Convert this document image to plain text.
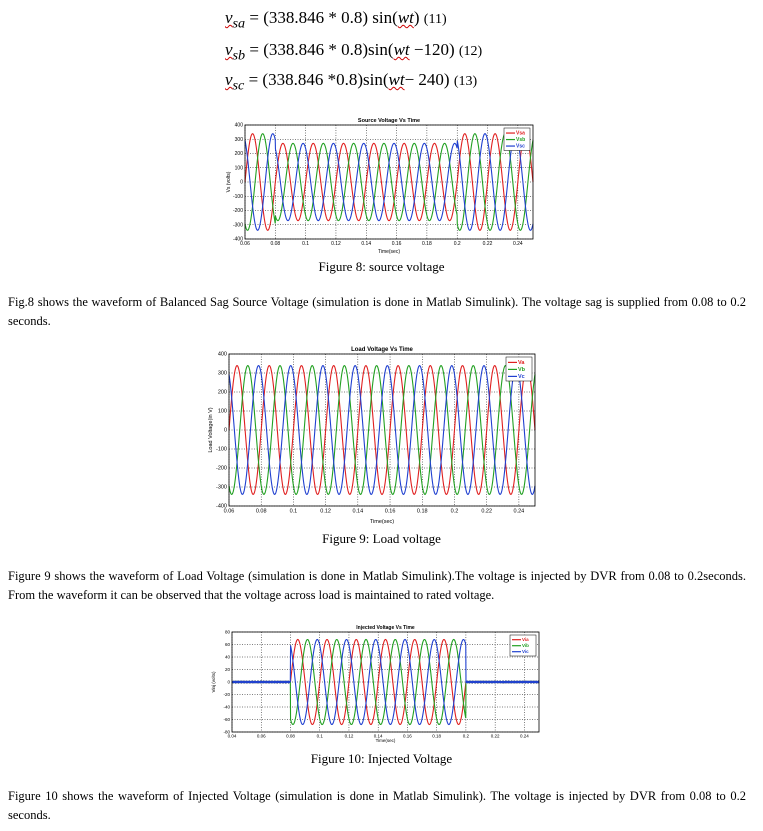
$v_{sa} = (338.846 * 0.8)$ sin(wt) (11)
$v_{sb} = (338.846 * 0.8)\sin(wt -120)$ (12)
$v_{sc} = (338.846$ *0.8)sin(wt− 240) (13)
Source Voltage Vs Time
400
300
200
100
0
-100
-200
-300
-400
0.06	0.08	0.1	0.12	0.14	0.16	0.18	0.2	0.22	0.24
Vsa
Vsb
Vsc
Time(sec)
Vs (volts)
Figure 8: source voltage
Fig.8 shows the waveform of Balanced Sag Source Voltage (simulation is done in Matlab Simulink). The voltage sag is supplied from 0.08 to 0.2 seconds.
Load Voltage Vs Time
400
300
200
100
0
-100
-200
-300
-400
0.06	0.08	0.1	0.12	0.14	0.16	0.18	0.2	0.22	0.24
Va
Vb
Vc
Time(sec)
Load Voltage(in V)
Figure 9: Load voltage
Figure 9 shows the waveform of Load Voltage (simulation is done in Matlab Simulink).The voltage is injected by DVR from 0.08 to 0.2seconds. From the waveform it can be observed that the voltage across load is maintained to rated voltage.
Injected Voltage Vs Time
80
60
40
20
0
-20
-40
-60
-80
0.04	0.06	0.08	0.1	0.12	0.14	0.16	0.18	0.2	0.22	0.24
Via
Vib
Vic
Time(sec)
Vinj (volts)
Figure 10: Injected Voltage
Figure 10 shows the waveform of Injected Voltage (simulation is done in Matlab Simulink). The voltage is injected by DVR from 0.08 to 0.2 seconds.
